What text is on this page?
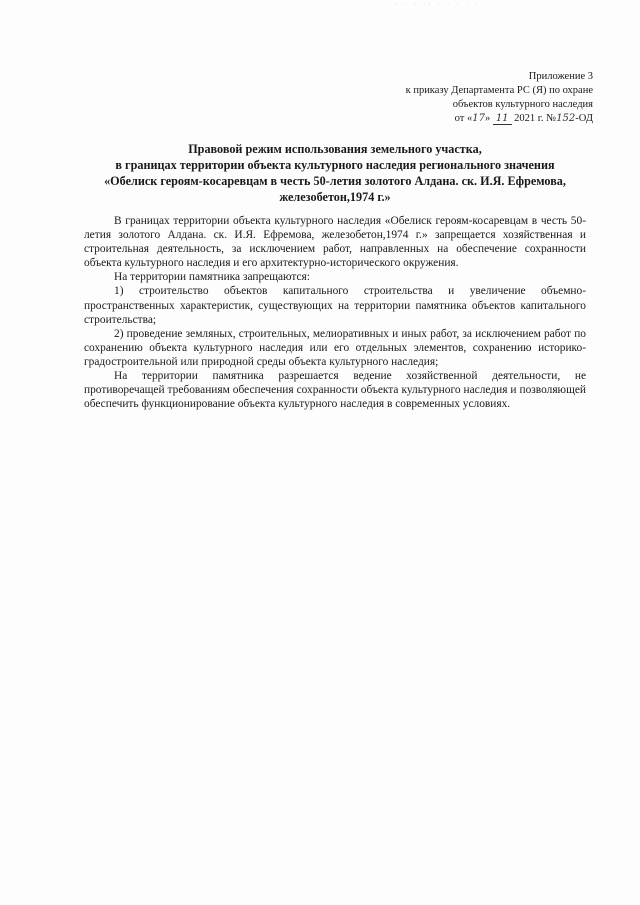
· · · ·: · · · · ·
Приложение 3
к приказу Департамента РС (Я) по охране
объектов культурного наследия
от «17» 11 2021 г. №152-ОД
Правовой режим использования земельного участка,
в границах территории объекта культурного наследия регионального значения
«Обелиск героям-косаревцам в честь 50-летия золотого Алдана. ск. И.Я. Ефремова,
железобетон,1974 г.»

В границах территории объекта культурного наследия «Обелиск героям-косаревцам в честь 50-летия золотого Алдана. ск. И.Я. Ефремова, железобетон,1974 г.» запрещается хозяйственная и строительная деятельность, за исключением работ, направленных на обеспечение сохранности объекта культурного наследия и его архитектурно-исторического окружения.

На территории памятника запрещаются:

1) строительство объектов капитального строительства и увеличение объемно-пространственных характеристик, существующих на территории памятника объектов капитального строительства;

2) проведение земляных, строительных, мелиоративных и иных работ, за исключением работ по сохранению объекта культурного наследия или его отдельных элементов, сохранению историко-градостроительной или природной среды объекта культурного наследия;

На территории памятника разрешается ведение хозяйственной деятельности, не противоречащей требованиям обеспечения сохранности объекта культурного наследия и позволяющей обеспечить функционирование объекта культурного наследия в современных условиях.
